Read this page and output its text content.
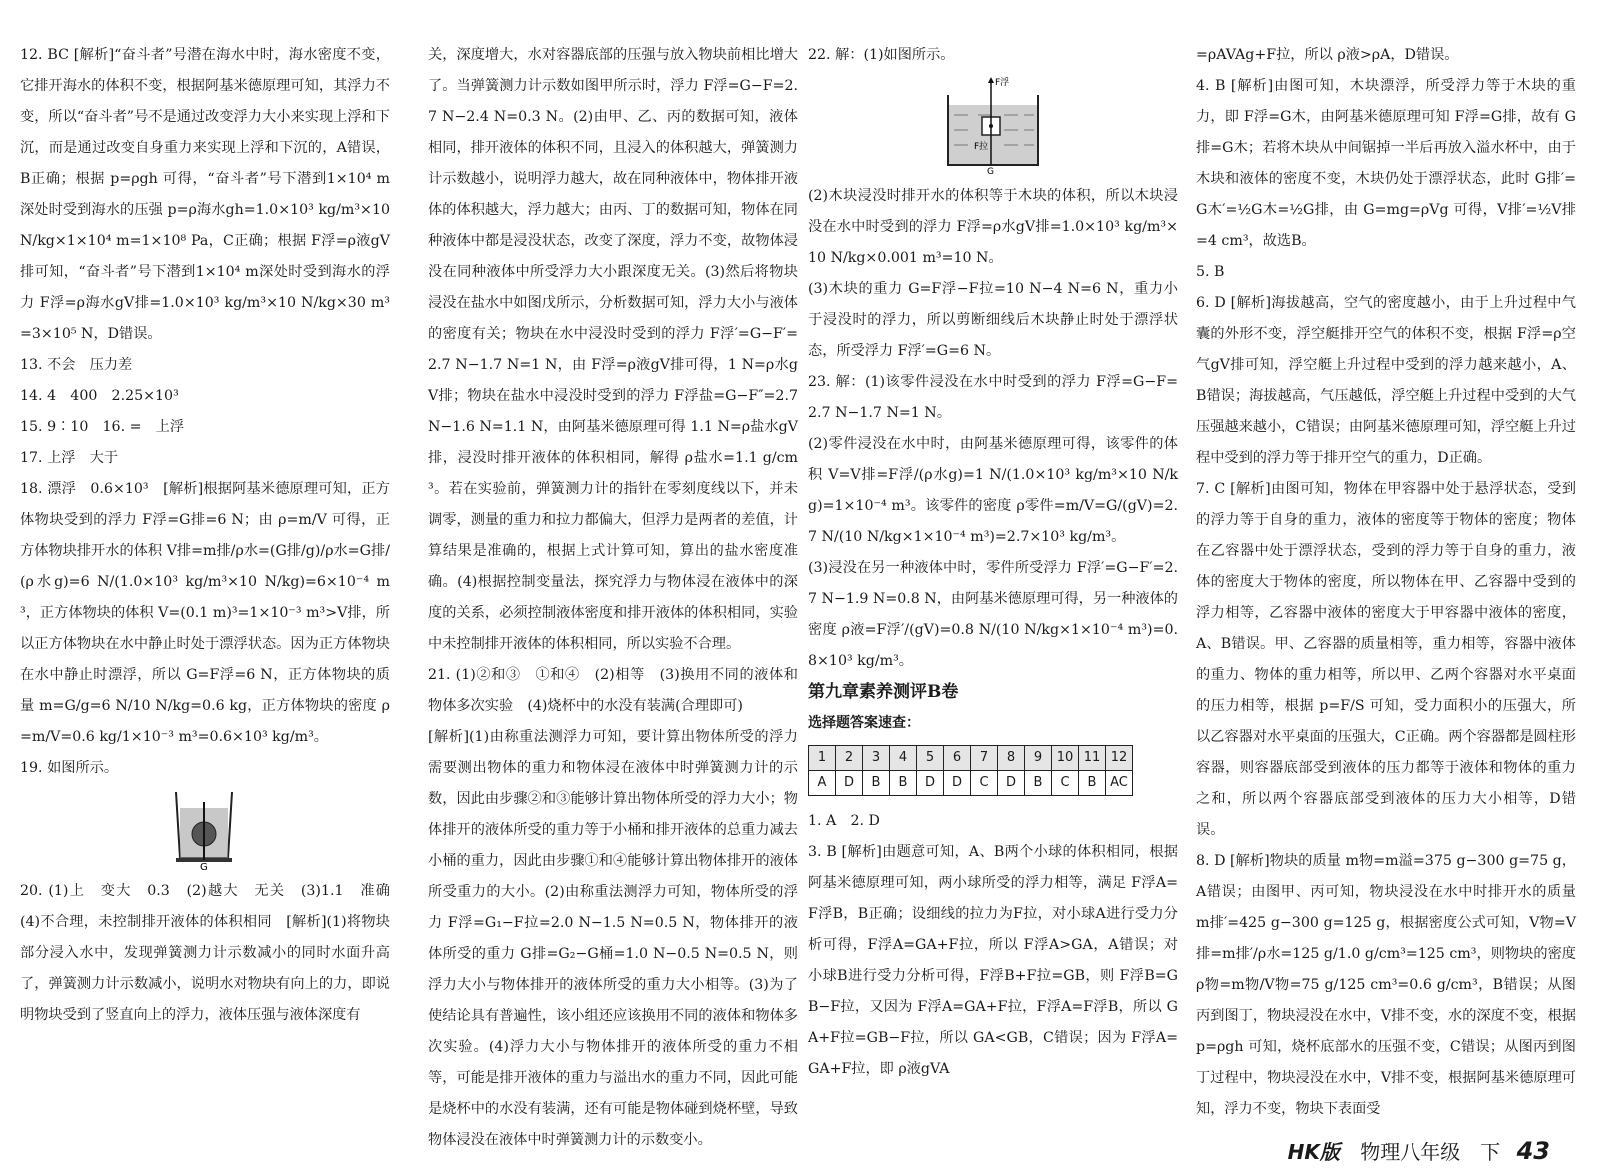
12. BC [解析]“奋斗者”号潜在海水中时，海水密度不变，它排开海水的体积不变，根据阿基米德原理可知，其浮力不变，所以“奋斗者”号不是通过改变浮力大小来实现上浮和下沉，而是通过改变自身重力来实现上浮和下沉的，A错误，B正确；根据 p=ρgh 可得，“奋斗者”号下潜到1×10⁴ m深处时受到海水的压强 p=ρ海水gh=1.0×10³ kg/m³×10 N/kg×1×10⁴ m=1×10⁸ Pa，C正确；根据 F浮=ρ液gV排可知，“奋斗者”号下潜到1×10⁴ m深处时受到海水的浮力 F浮=ρ海水gV排=1.0×10³ kg/m³×10 N/kg×30 m³=3×10⁵ N，D错误。

13. 不会　压力差

14. 4　400　2.25×10³

15. 9∶10　16. =　上浮

17. 上浮　大于

18. 漂浮　0.6×10³　[解析]根据阿基米德原理可知，正方体物块受到的浮力 F浮=G排=6 N；由 ρ=m/V 可得，正方体物块排开水的体积 V排=m排/ρ水=(G排/g)/ρ水=G排/(ρ水g)=6 N/(1.0×10³ kg/m³×10 N/kg)=6×10⁻⁴ m³，正方体物块的体积 V=(0.1 m)³=1×10⁻³ m³>V排，所以正方体物块在水中静止时处于漂浮状态。因为正方体物块在水中静止时漂浮，所以 G=F浮=6 N，正方体物块的质量 m=G/g=6 N/10 N/kg=0.6 kg，正方体物块的密度 ρ=m/V=0.6 kg/1×10⁻³ m³=0.6×10³ kg/m³。

19. 如图所示。

G

20. (1)上　变大　0.3　(2)越大　无关　(3)1.1　准确　(4)不合理，未控制排开液体的体积相同　[解析](1)将物块部分浸入水中，发现弹簧测力计示数减小的同时水面升高了，弹簧测力计示数减小，说明水对物块有向上的力，即说明物块受到了竖直向上的浮力，液体压强与液体深度有

关，深度增大，水对容器底部的压强与放入物块前相比增大了。当弹簧测力计示数如图甲所示时，浮力 F浮=G−F=2.7 N−2.4 N=0.3 N。(2)由甲、乙、丙的数据可知，液体相同，排开液体的体积不同，且浸入的体积越大，弹簧测力计示数越小，说明浮力越大，故在同种液体中，物体排开液体的体积越大，浮力越大；由丙、丁的数据可知，物体在同种液体中都是浸没状态，改变了深度，浮力不变，故物体浸没在同种液体中所受浮力大小跟深度无关。(3)然后将物块浸没在盐水中如图戊所示，分析数据可知，浮力大小与液体的密度有关；物块在水中浸没时受到的浮力 F浮′=G−F′=2.7 N−1.7 N=1 N，由 F浮=ρ液gV排可得，1 N=ρ水gV排；物块在盐水中浸没时受到的浮力 F浮盐=G−F″=2.7 N−1.6 N=1.1 N，由阿基米德原理可得 1.1 N=ρ盐水gV排，浸没时排开液体的体积相同，解得 ρ盐水=1.1 g/cm³。若在实验前，弹簧测力计的指针在零刻度线以下，并未调零，测量的重力和拉力都偏大，但浮力是两者的差值，计算结果是准确的，根据上式计算可知，算出的盐水密度准确。(4)根据控制变量法，探究浮力与物体浸在液体中的深度的关系，必须控制液体密度和排开液体的体积相同，实验中未控制排开液体的体积相同，所以实验不合理。

21. (1)②和③　①和④　(2)相等　(3)换用不同的液体和物体多次实验　(4)烧杯中的水没有装满(合理即可)

[解析](1)由称重法测浮力可知，要计算出物体所受的浮力需要测出物体的重力和物体浸在液体中时弹簧测力计的示数，因此由步骤②和③能够计算出物体所受的浮力大小；物体排开的液体所受的重力等于小桶和排开液体的总重力减去小桶的重力，因此由步骤①和④能够计算出物体排开的液体所受重力的大小。(2)由称重法测浮力可知，物体所受的浮力 F浮=G₁−F拉=2.0 N−1.5 N=0.5 N，物体排开的液体所受的重力 G排=G₂−G桶=1.0 N−0.5 N=0.5 N，则浮力大小与物体排开的液体所受的重力大小相等。(3)为了使结论具有普遍性，该小组还应该换用不同的液体和物体多次实验。(4)浮力大小与物体排开的液体所受的重力不相等，可能是排开液体的重力与溢出水的重力不同，因此可能是烧杯中的水没有装满，还有可能是物体碰到烧杯壁，导致物体浸没在液体中时弹簧测力计的示数变小。

22. 解：(1)如图所示。

F浮
F拉
G

(2)木块浸没时排开水的体积等于木块的体积，所以木块浸没在水中时受到的浮力 F浮=ρ水gV排=1.0×10³ kg/m³×10 N/kg×0.001 m³=10 N。

(3)木块的重力 G=F浮−F拉=10 N−4 N=6 N，重力小于浸没时的浮力，所以剪断细线后木块静止时处于漂浮状态，所受浮力 F浮′=G=6 N。

23. 解：(1)该零件浸没在水中时受到的浮力 F浮=G−F=2.7 N−1.7 N=1 N。

(2)零件浸没在水中时，由阿基米德原理可得，该零件的体积 V=V排=F浮/(ρ水g)=1 N/(1.0×10³ kg/m³×10 N/kg)=1×10⁻⁴ m³。该零件的密度 ρ零件=m/V=G/(gV)=2.7 N/(10 N/kg×1×10⁻⁴ m³)=2.7×10³ kg/m³。

(3)浸没在另一种液体中时，零件所受浮力 F浮′=G−F′=2.7 N−1.9 N=0.8 N，由阿基米德原理可得，另一种液体的密度 ρ液=F浮′/(gV)=0.8 N/(10 N/kg×1×10⁻⁴ m³)=0.8×10³ kg/m³。

第九章素养测评B卷

选择题答案速查：

1	2	3	4	5	6	7	8	9	10	11	12
A	D	B	B	D	D	C	D	B	C	B	AC

1. A　2. D

3. B [解析]由题意可知，A、B两个小球的体积相同，根据阿基米德原理可知，两小球所受的浮力相等，满足 F浮A=F浮B，B正确；设细线的拉力为F拉，对小球A进行受力分析可得，F浮A=GA+F拉，所以 F浮A>GA，A错误；对小球B进行受力分析可得，F浮B+F拉=GB，则 F浮B=GB−F拉，又因为 F浮A=GA+F拉，F浮A=F浮B，所以 GA+F拉=GB−F拉，所以 GA<GB，C错误；因为 F浮A=GA+F拉，即 ρ液gVA

=ρAVAg+F拉，所以 ρ液>ρA，D错误。

4. B [解析]由图可知，木块漂浮，所受浮力等于木块的重力，即 F浮=G木，由阿基米德原理可知 F浮=G排，故有 G排=G木；若将木块从中间锯掉一半后再放入溢水杯中，由于木块和液体的密度不变，木块仍处于漂浮状态，此时 G排′=G木′=½G木=½G排，由 G=mg=ρVg 可得，V排′=½V排=4 cm³，故选B。

5. B

6. D [解析]海拔越高，空气的密度越小，由于上升过程中气囊的外形不变，浮空艇排开空气的体积不变，根据 F浮=ρ空气gV排可知，浮空艇上升过程中受到的浮力越来越小，A、B错误；海拔越高，气压越低，浮空艇上升过程中受到的大气压强越来越小，C错误；由阿基米德原理可知，浮空艇上升过程中受到的浮力等于排开空气的重力，D正确。

7. C [解析]由图可知，物体在甲容器中处于悬浮状态，受到的浮力等于自身的重力，液体的密度等于物体的密度；物体在乙容器中处于漂浮状态，受到的浮力等于自身的重力，液体的密度大于物体的密度，所以物体在甲、乙容器中受到的浮力相等，乙容器中液体的密度大于甲容器中液体的密度，A、B错误。甲、乙容器的质量相等，重力相等，容器中液体的重力、物体的重力相等，所以甲、乙两个容器对水平桌面的压力相等，根据 p=F/S 可知，受力面积小的压强大，所以乙容器对水平桌面的压强大，C正确。两个容器都是圆柱形容器，则容器底部受到液体的压力都等于液体和物体的重力之和，所以两个容器底部受到液体的压力大小相等，D错误。

8. D [解析]物块的质量 m物=m溢=375 g−300 g=75 g，A错误；由图甲、丙可知，物块浸没在水中时排开水的质量 m排′=425 g−300 g=125 g，根据密度公式可知，V物=V排=m排′/ρ水=125 g/1.0 g/cm³=125 cm³，则物块的密度 ρ物=m物/V物=75 g/125 cm³=0.6 g/cm³，B错误；从图丙到图丁，物块浸没在水中，V排不变，水的深度不变，根据 p=ρgh 可知，烧杯底部水的压强不变，C错误；从图丙到图丁过程中，物块浸没在水中，V排不变，根据阿基米德原理可知，浮力不变，物块下表面受

HK版 物理八年级　下 43
